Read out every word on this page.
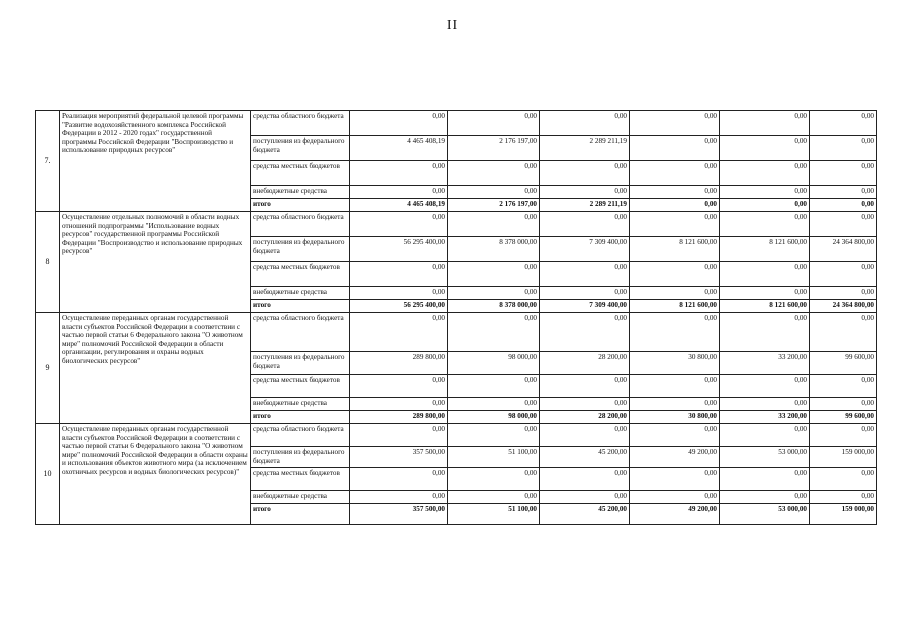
II
7.	Реализация мероприятий федеральной целевой программы "Развитие водохозяйственного комплекса Российской Федерации в 2012 - 2020 годах" государственной программы Российской Федерации "Воспроизводство и использование природных ресурсов"	средства областного бюджета	0,00	0,00	0,00	0,00	0,00	0,00
		поступления из федерального бюджета	4 465 408,19	2 176 197,00	2 289 211,19	0,00	0,00	0,00
		средства местных бюджетов	0,00	0,00	0,00	0,00	0,00	0,00
		внебюджетные средства	0,00	0,00	0,00	0,00	0,00	0,00
		итого	4 465 408,19	2 176 197,00	2 289 211,19	0,00	0,00	0,00
8	Осуществление отдельных полномочий в области водных отношений подпрограммы "Использование водных ресурсов" государственной программы Российской Федерации "Воспроизводство и использование природных ресурсов"	средства областного бюджета	0,00	0,00	0,00	0,00	0,00	0,00
		поступления из федерального бюджета	56 295 400,00	8 378 000,00	7 309 400,00	8 121 600,00	8 121 600,00	24 364 800,00
		средства местных бюджетов	0,00	0,00	0,00	0,00	0,00	0,00
		внебюджетные средства	0,00	0,00	0,00	0,00	0,00	0,00
		итого	56 295 400,00	8 378 000,00	7 309 400,00	8 121 600,00	8 121 600,00	24 364 800,00
9	Осуществление переданных органам государственной власти субъектов Российской Федерации в соответствии с частью первой статьи 6 Федерального закона "О животном мире" полномочий Российской Федерации в области организации, регулирования и охраны водных биологических ресурсов"	средства областного бюджета	0,00	0,00	0,00	0,00	0,00	0,00
		поступления из федерального бюджета	289 800,00	98 000,00	28 200,00	30 800,00	33 200,00	99 600,00
		средства местных бюджетов	0,00	0,00	0,00	0,00	0,00	0,00
		внебюджетные средства	0,00	0,00	0,00	0,00	0,00	0,00
		итого	289 800,00	98 000,00	28 200,00	30 800,00	33 200,00	99 600,00
10	Осуществление переданных органам государственной власти субъектов Российской Федерации в соответствии с частью первой статьи 6 Федерального закона "О животном мире" полномочий Российской Федерации в области охраны и использования объектов животного мира (за исключением охотничьих ресурсов и водных биологических ресурсов)"	средства областного бюджета	0,00	0,00	0,00	0,00	0,00	0,00
		поступления из федерального бюджета	357 500,00	51 100,00	45 200,00	49 200,00	53 000,00	159 000,00
		средства местных бюджетов	0,00	0,00	0,00	0,00	0,00	0,00
		внебюджетные средства	0,00	0,00	0,00	0,00	0,00	0,00
		итого	357 500,00	51 100,00	45 200,00	49 200,00	53 000,00	159 000,00
